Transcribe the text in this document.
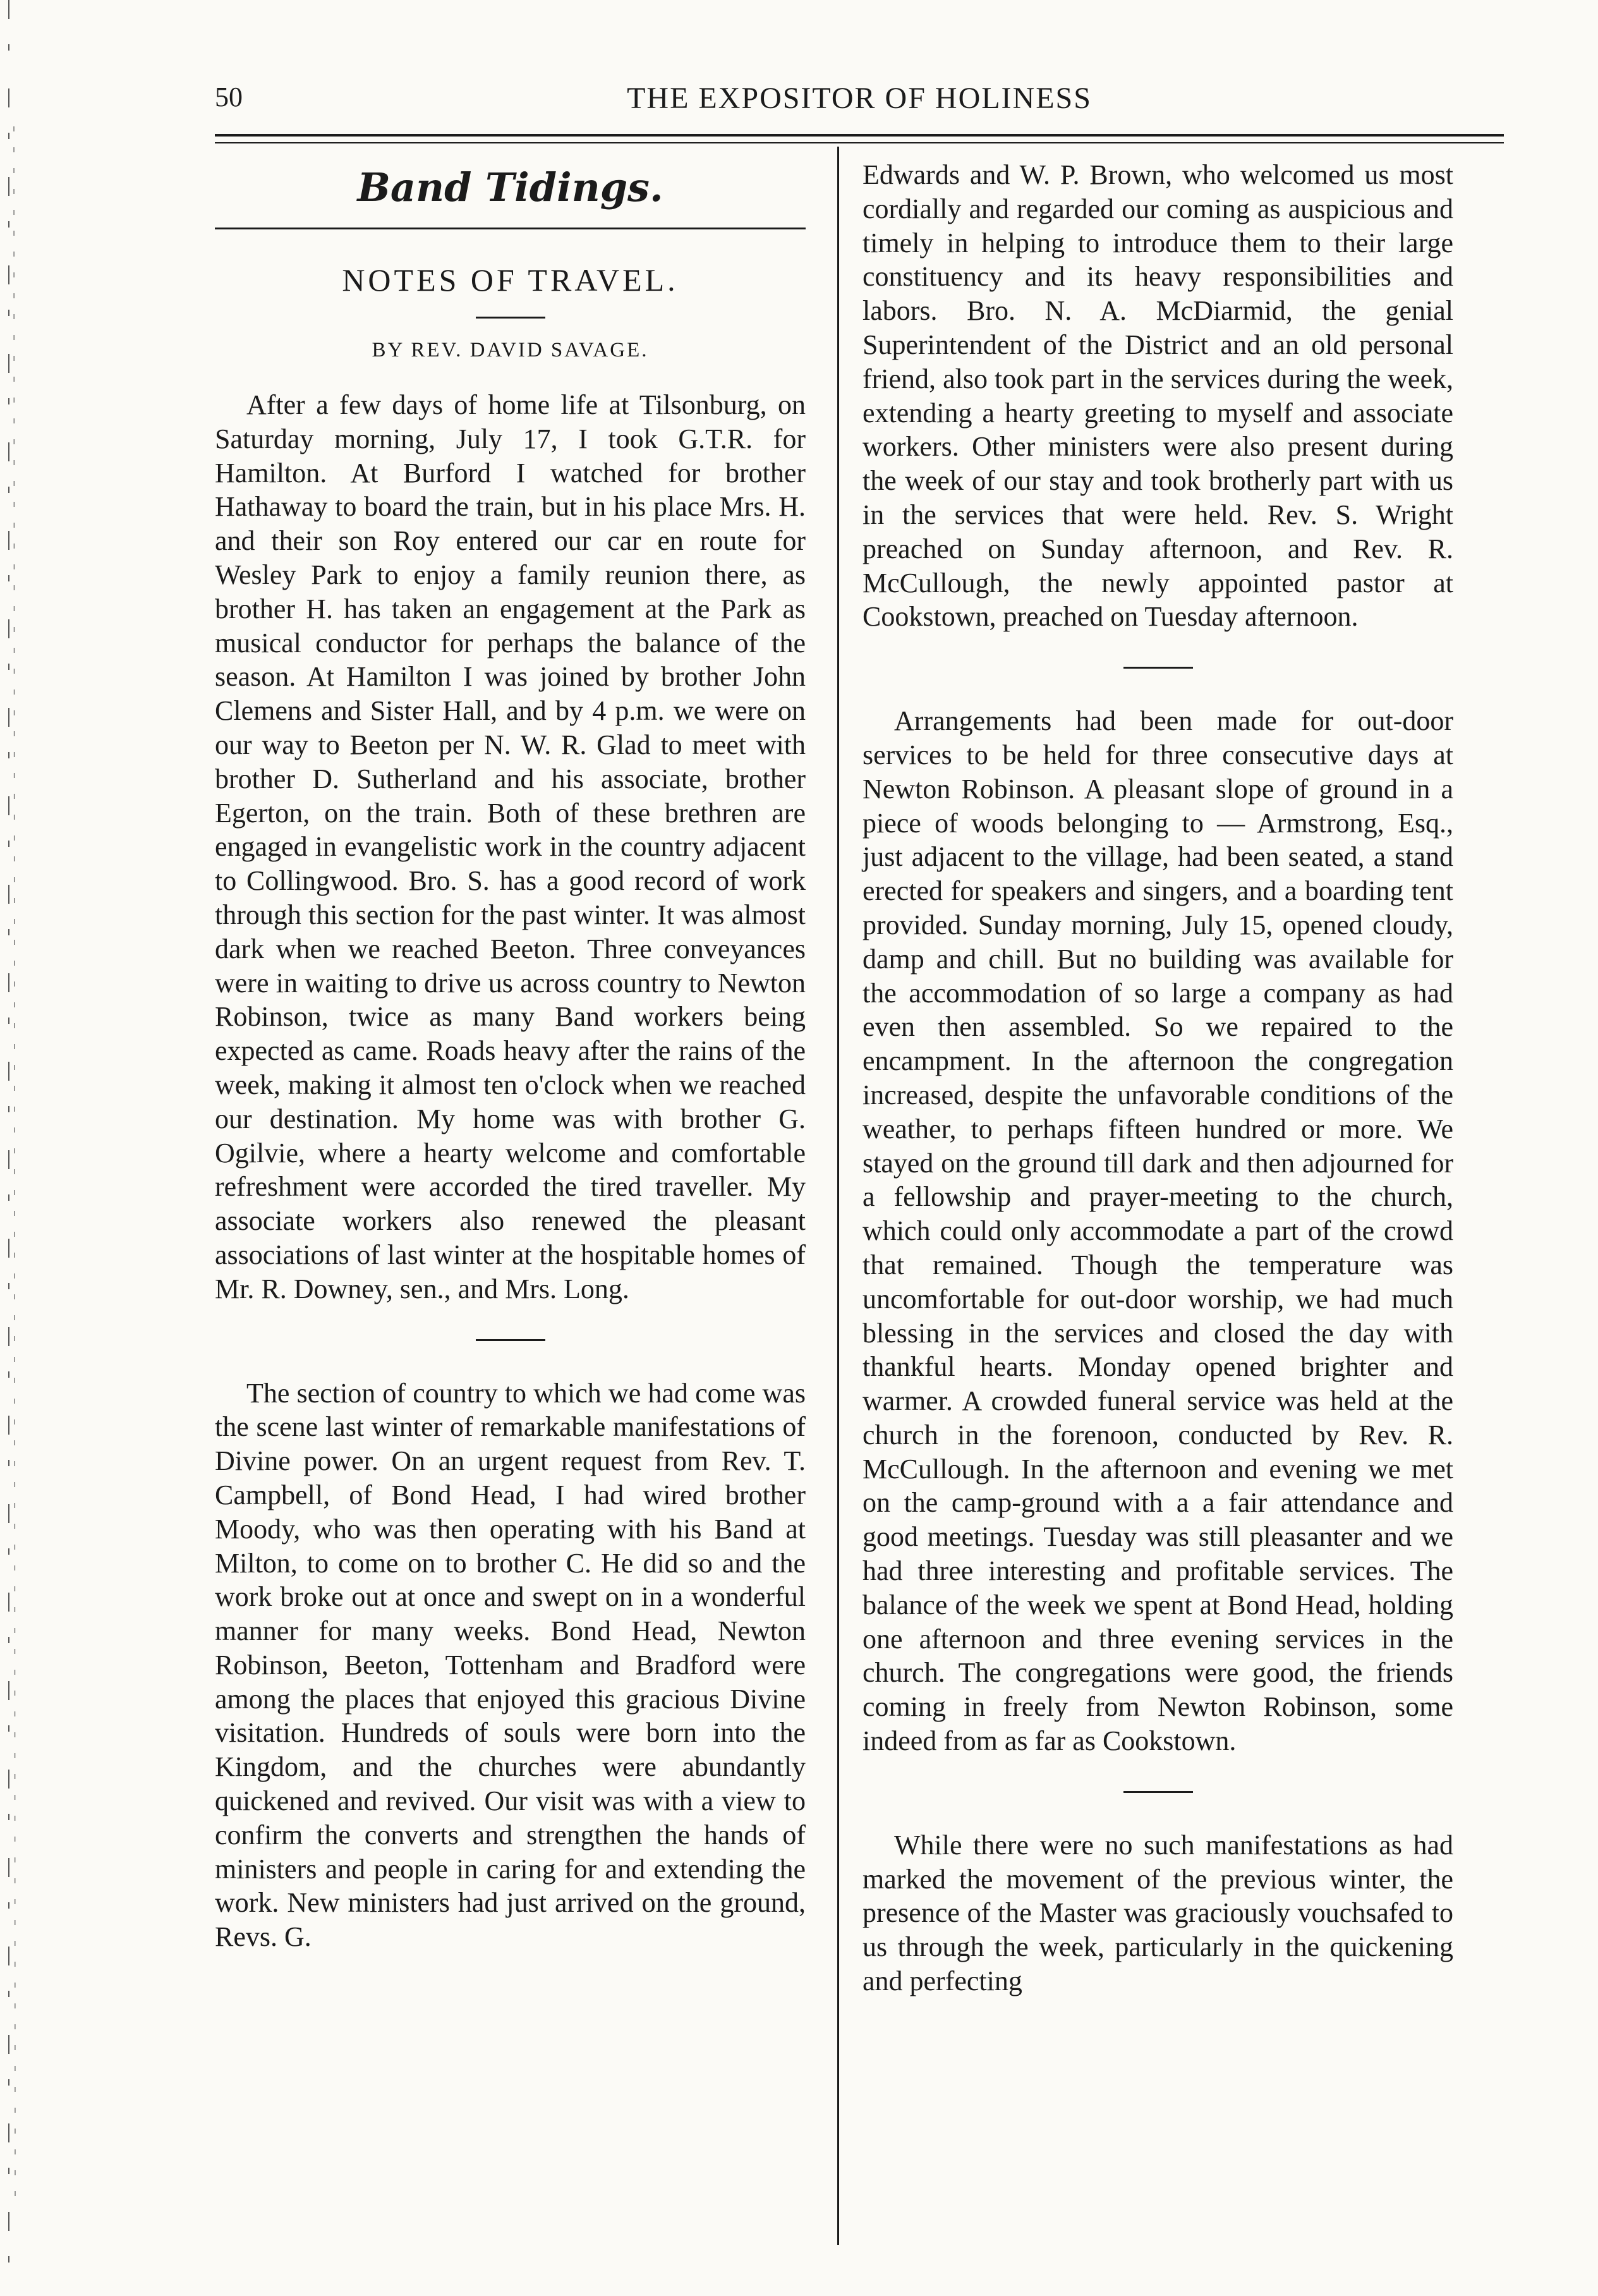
50	THE EXPOSITOR OF HOLINESS
Band Tidings.
NOTES OF TRAVEL.
BY REV. DAVID SAVAGE.

After a few days of home life at Tilsonburg, on Saturday morning, July 17, I took G.T.R. for Hamilton. At Burford I watched for brother Hathaway to board the train, but in his place Mrs. H. and their son Roy entered our car en route for Wesley Park to enjoy a family reunion there, as brother H. has taken an engagement at the Park as musical conductor for perhaps the balance of the season. At Hamilton I was joined by brother John Clemens and Sister Hall, and by 4 p.m. we were on our way to Beeton per N. W. R. Glad to meet with brother D. Sutherland and his associate, brother Egerton, on the train. Both of these brethren are engaged in evangelistic work in the country adjacent to Collingwood. Bro. S. has a good record of work through this section for the past winter. It was almost dark when we reached Beeton. Three conveyances were in waiting to drive us across country to Newton Robinson, twice as many Band workers being expected as came. Roads heavy after the rains of the week, making it almost ten o'clock when we reached our destination. My home was with brother G. Ogilvie, where a hearty welcome and comfortable refreshment were accorded the tired traveller. My associate workers also renewed the pleasant associations of last winter at the hospitable homes of Mr. R. Downey, sen., and Mrs. Long.

The section of country to which we had come was the scene last winter of remarkable manifestations of Divine power. On an urgent request from Rev. T. Campbell, of Bond Head, I had wired brother Moody, who was then operating with his Band at Milton, to come on to brother C. He did so and the work broke out at once and swept on in a wonderful manner for many weeks. Bond Head, Newton Robinson, Beeton, Tottenham and Bradford were among the places that enjoyed this gracious Divine visitation. Hundreds of souls were born into the Kingdom, and the churches were abundantly quickened and revived. Our visit was with a view to confirm the converts and strengthen the hands of ministers and people in caring for and extending the work. New ministers had just arrived on the ground, Revs. G.

Edwards and W. P. Brown, who welcomed us most cordially and regarded our coming as auspicious and timely in helping to introduce them to their large constituency and its heavy responsibilities and labors. Bro. N. A. McDiarmid, the genial Superintendent of the District and an old personal friend, also took part in the services during the week, extending a hearty greeting to myself and associate workers. Other ministers were also present during the week of our stay and took brotherly part with us in the services that were held. Rev. S. Wright preached on Sunday afternoon, and Rev. R. McCullough, the newly appointed pastor at Cookstown, preached on Tuesday afternoon.

Arrangements had been made for out-door services to be held for three consecutive days at Newton Robinson. A pleasant slope of ground in a piece of woods belonging to — Armstrong, Esq., just adjacent to the village, had been seated, a stand erected for speakers and singers, and a boarding tent provided. Sunday morning, July 15, opened cloudy, damp and chill. But no building was available for the accommodation of so large a company as had even then assembled. So we repaired to the encampment. In the afternoon the congregation increased, despite the unfavorable conditions of the weather, to perhaps fifteen hundred or more. We stayed on the ground till dark and then adjourned for a fellowship and prayer-meeting to the church, which could only accommodate a part of the crowd that remained. Though the temperature was uncomfortable for out-door worship, we had much blessing in the services and closed the day with thankful hearts. Monday opened brighter and warmer. A crowded funeral service was held at the church in the forenoon, conducted by Rev. R. McCullough. In the afternoon and evening we met on the camp-ground with a a fair attendance and good meetings. Tuesday was still pleasanter and we had three interesting and profitable services. The balance of the week we spent at Bond Head, holding one afternoon and three evening services in the church. The congregations were good, the friends coming in freely from Newton Robinson, some indeed from as far as Cookstown.

While there were no such manifestations as had marked the movement of the previous winter, the presence of the Master was graciously vouchsafed to us through the week, particularly in the quickening and perfecting
